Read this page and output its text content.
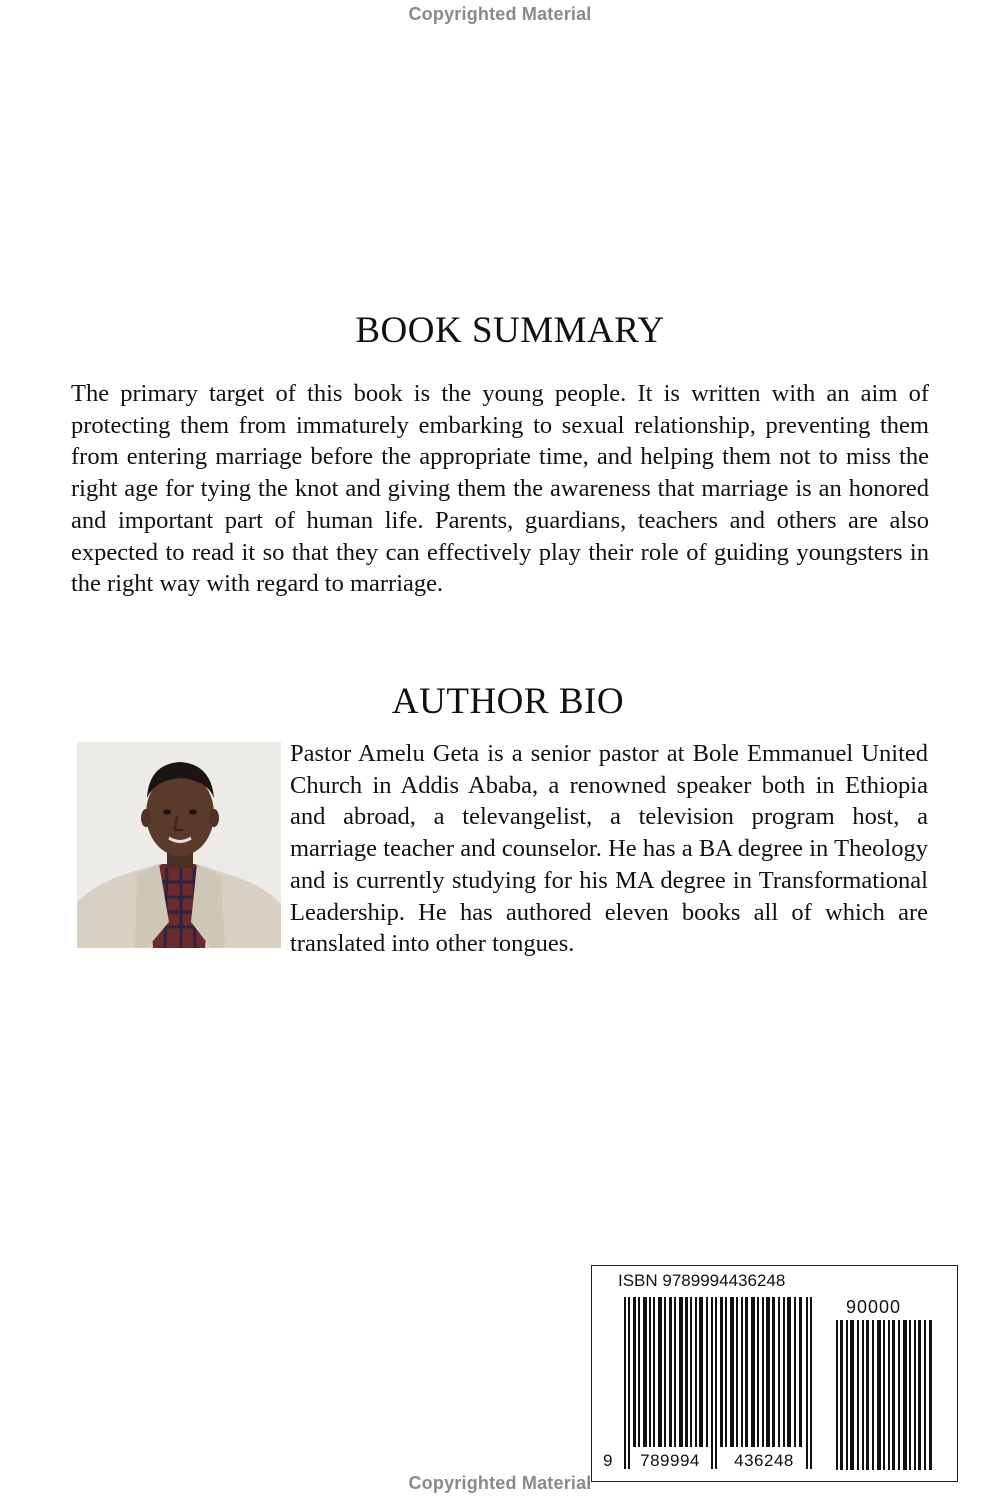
Copyrighted Material
BOOK SUMMARY

The primary target of this book is the young people. It is written with an aim of protecting them from immaturely embarking to sexual relationship, preventing them from entering marriage before the appropriate time, and helping them not to miss the right age for tying the knot and giving them the awareness that marriage is an honored and important part of human life. Parents, guardians, teachers and others are also expected to read it so that they can effectively play their role of guiding youngsters in the right way with regard to marriage.

AUTHOR BIO

Pastor Amelu Geta is a senior pastor at Bole Emmanuel United Church in Addis Ababa, a renowned speaker both in Ethiopia and abroad, a televangelist, a television program host, a marriage teacher and counselor. He has a BA degree in Theology and is currently studying for his MA degree in Transformational Leadership. He has authored eleven books all of which are translated into other tongues.

ISBN 9789994436248
90000
9	789994	436248
Copyrighted Material
